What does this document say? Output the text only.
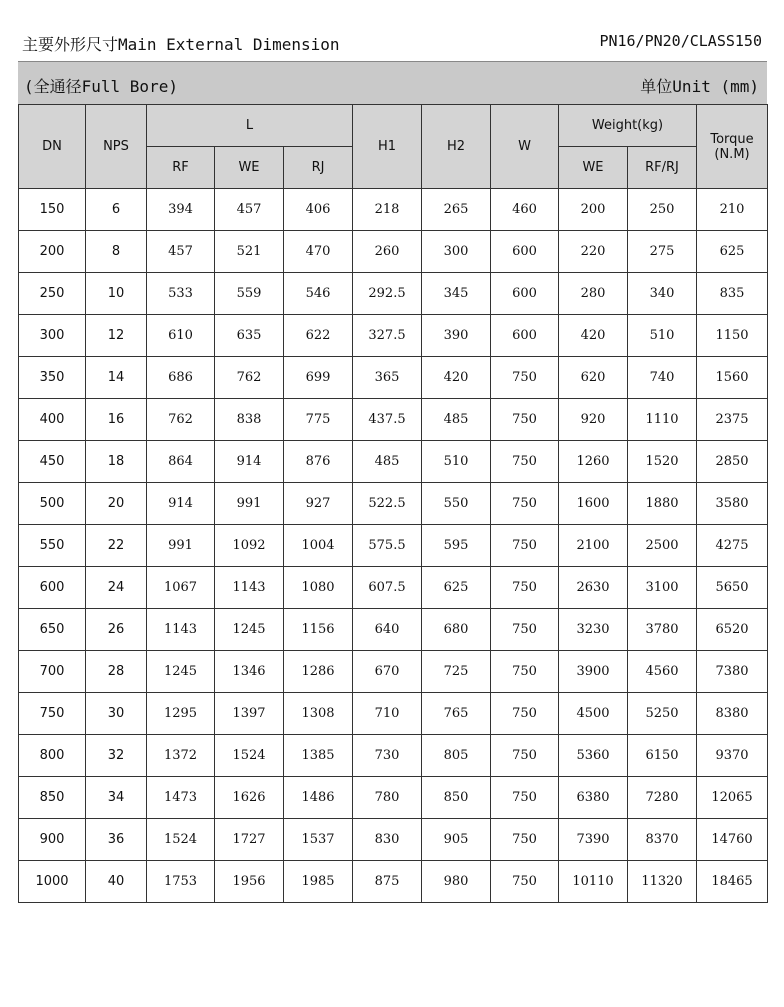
主要外形尺寸Main External Dimension	PN16/PN20/CLASS150
(全通径Full Bore)	单位Unit (mm)
DN	NPS	L			H1	H2	W	Weight(kg)		Torque
(N.M)
		RF	WE	RJ				WE	RF/RJ	
150	6	394	457	406	218	265	460	200	250	210
200	8	457	521	470	260	300	600	220	275	625
250	10	533	559	546	292.5	345	600	280	340	835
300	12	610	635	622	327.5	390	600	420	510	1150
350	14	686	762	699	365	420	750	620	740	1560
400	16	762	838	775	437.5	485	750	920	1110	2375
450	18	864	914	876	485	510	750	1260	1520	2850
500	20	914	991	927	522.5	550	750	1600	1880	3580
550	22	991	1092	1004	575.5	595	750	2100	2500	4275
600	24	1067	1143	1080	607.5	625	750	2630	3100	5650
650	26	1143	1245	1156	640	680	750	3230	3780	6520
700	28	1245	1346	1286	670	725	750	3900	4560	7380
750	30	1295	1397	1308	710	765	750	4500	5250	8380
800	32	1372	1524	1385	730	805	750	5360	6150	9370
850	34	1473	1626	1486	780	850	750	6380	7280	12065
900	36	1524	1727	1537	830	905	750	7390	8370	14760
1000	40	1753	1956	1985	875	980	750	10110	11320	18465
